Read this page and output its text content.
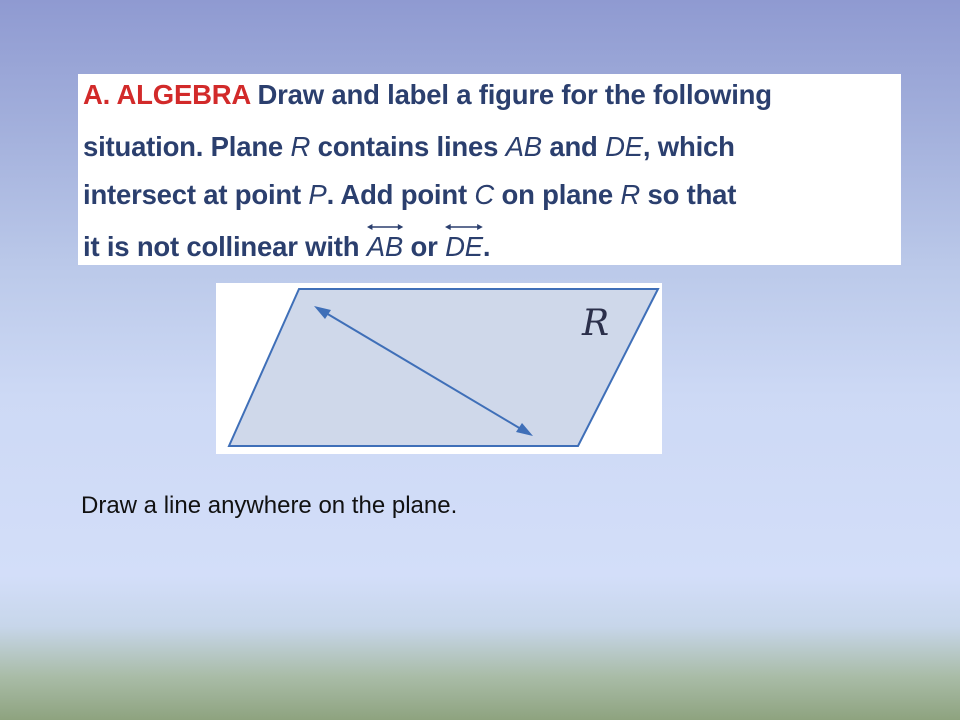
A. ALGEBRA Draw and label a figure for the following
situation. Plane R contains lines AB and DE, which
intersect at point P. Add point C on plane R so that
it is not collinear with
AB or
DE.
R
Draw a line anywhere on the plane.
